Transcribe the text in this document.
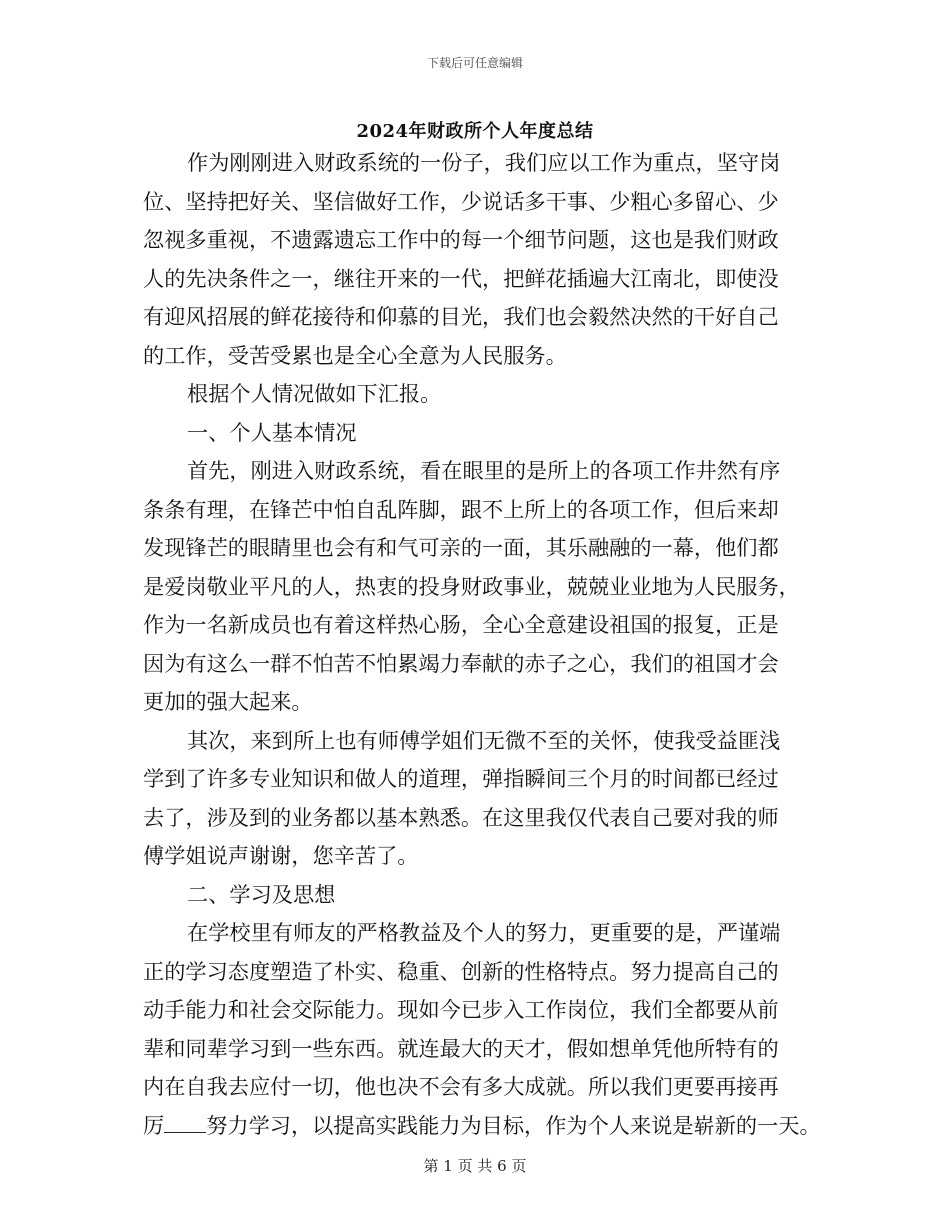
下载后可任意编辑
2024年财政所个人年度总结
作为刚刚进入财政系统的一份子，我们应以工作为重点，坚守岗
位、坚持把好关、坚信做好工作，少说话多干事、少粗心多留心、少
忽视多重视，不遗露遗忘工作中的每一个细节问题，这也是我们财政
人的先决条件之一，继往开来的一代，把鲜花插遍大江南北，即使没
有迎风招展的鲜花接待和仰慕的目光，我们也会毅然决然的干好自己
的工作，受苦受累也是全心全意为人民服务。
根据个人情况做如下汇报。
一、个人基本情况
首先，刚进入财政系统，看在眼里的是所上的各项工作井然有序
条条有理，在锋芒中怕自乱阵脚，跟不上所上的各项工作，但后来却
发现锋芒的眼睛里也会有和气可亲的一面，其乐融融的一幕，他们都
是爱岗敬业平凡的人，热衷的投身财政事业，兢兢业业地为人民服务，
作为一名新成员也有着这样热心肠，全心全意建设祖国的报复，正是
因为有这么一群不怕苦不怕累竭力奉献的赤子之心，我们的祖国才会
更加的强大起来。
其次，来到所上也有师傅学姐们无微不至的关怀，使我受益匪浅
学到了许多专业知识和做人的道理，弹指瞬间三个月的时间都已经过
去了，涉及到的业务都以基本熟悉。在这里我仅代表自己要对我的师
傅学姐说声谢谢，您辛苦了。
二、学习及思想
在学校里有师友的严格教益及个人的努力，更重要的是，严谨端
正的学习态度塑造了朴实、稳重、创新的性格特点。努力提高自己的
动手能力和社会交际能力。现如今已步入工作岗位，我们全都要从前
辈和同辈学习到一些东西。就连最大的天才，假如想单凭他所特有的
内在自我去应付一切，他也决不会有多大成就。所以我们更要再接再
厉 努力学习，以提高实践能力为目标，作为个人来说是崭新的一天。
第 1 页 共 6 页
